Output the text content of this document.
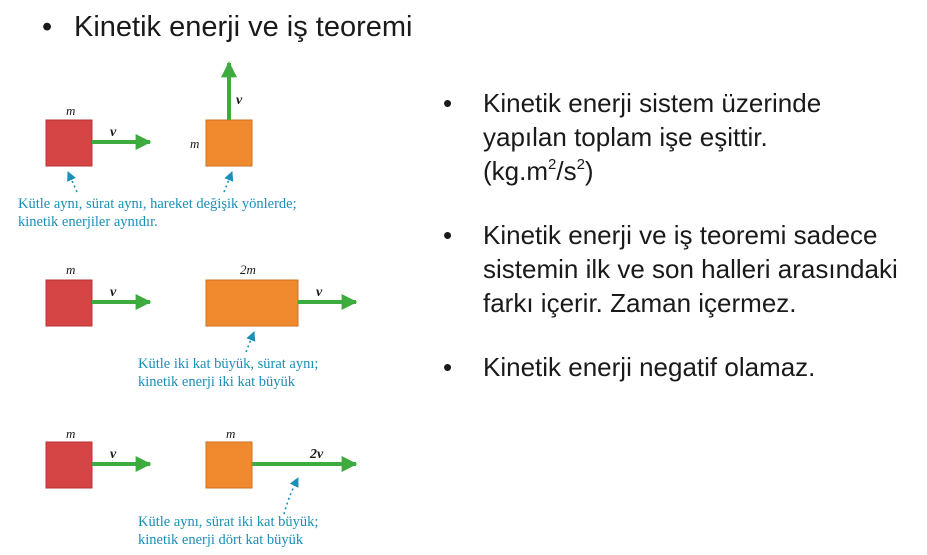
• Kinetik enerji ve iş teoremi
m
v
m
v
m
v
2m
v
m
v
m
2v
Kütle aynı, sürat aynı, hareket değişik yönlerde;
kinetik enerjiler aynıdır.
Kütle iki kat büyük, sürat aynı;
kinetik enerji iki kat büyük
Kütle aynı, sürat iki kat büyük;
kinetik enerji dört kat büyük
•	Kinetik enerji sistem üzerinde
yapılan toplam işe eşittir.
$(kg.m^2/s^2)$
•	Kinetik enerji ve iş teoremi sadece sistemin ilk ve son halleri arasındaki farkı içerir. Zaman içermez.
•	Kinetik enerji negatif olamaz.
